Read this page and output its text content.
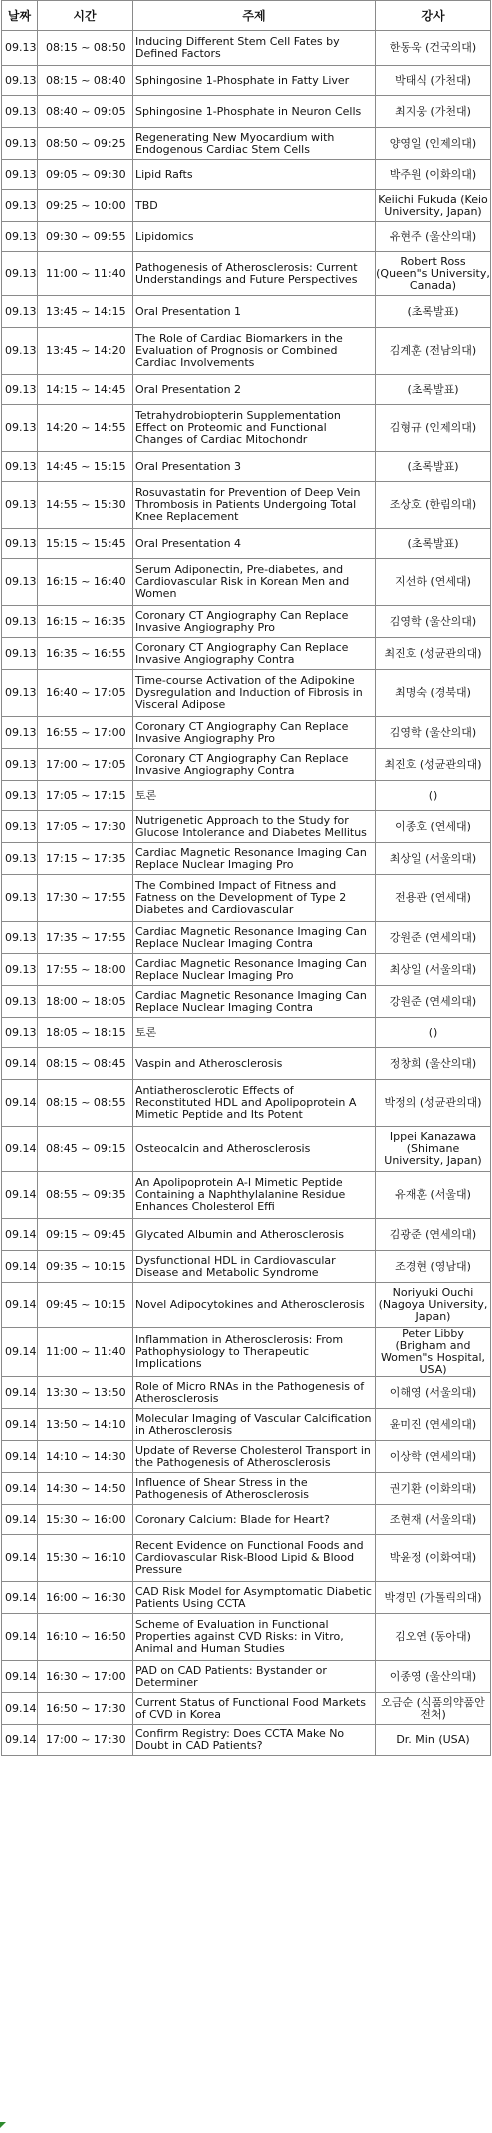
날짜	시간	주제	강사
09.13	08:15 ~ 08:50	Inducing Different Stem Cell Fates by Defined Factors	한동욱 (건국의대)
09.13	08:15 ~ 08:40	Sphingosine 1-Phosphate in Fatty Liver	박태식 (가천대)
09.13	08:40 ~ 09:05	Sphingosine 1-Phosphate in Neuron Cells	최지웅 (가천대)
09.13	08:50 ~ 09:25	Regenerating New Myocardium with Endogenous Cardiac Stem Cells	양영일 (인제의대)
09.13	09:05 ~ 09:30	Lipid Rafts	박주원 (이화의대)
09.13	09:25 ~ 10:00	TBD	Keiichi Fukuda (Keio University, Japan)
09.13	09:30 ~ 09:55	Lipidomics	유현주 (울산의대)
09.13	11:00 ~ 11:40	Pathogenesis of Atherosclerosis: Current Understandings and Future Perspectives	Robert Ross (Queen"s University, Canada)
09.13	13:45 ~ 14:15	Oral Presentation 1	(초록발표)
09.13	13:45 ~ 14:20	The Role of Cardiac Biomarkers in the Evaluation of Prognosis or Combined Cardiac Involvements	김계훈 (전남의대)
09.13	14:15 ~ 14:45	Oral Presentation 2	(초록발표)
09.13	14:20 ~ 14:55	Tetrahydrobiopterin Supplementation Effect on Proteomic and Functional Changes of Cardiac Mitochondr	김형규 (인제의대)
09.13	14:45 ~ 15:15	Oral Presentation 3	(초록발표)
09.13	14:55 ~ 15:30	Rosuvastatin for Prevention of Deep Vein Thrombosis in Patients Undergoing Total Knee Replacement	조상호 (한림의대)
09.13	15:15 ~ 15:45	Oral Presentation 4	(초록발표)
09.13	16:15 ~ 16:40	Serum Adiponectin, Pre-diabetes, and Cardiovascular Risk in Korean Men and Women	지선하 (연세대)
09.13	16:15 ~ 16:35	Coronary CT Angiography Can Replace Invasive Angiography Pro	김영학 (울산의대)
09.13	16:35 ~ 16:55	Coronary CT Angiography Can Replace Invasive Angiography Contra	최진호 (성균관의대)
09.13	16:40 ~ 17:05	Time-course Activation of the Adipokine Dysregulation and Induction of Fibrosis in Visceral Adipose	최명숙 (경북대)
09.13	16:55 ~ 17:00	Coronary CT Angiography Can Replace Invasive Angiography Pro	김영학 (울산의대)
09.13	17:00 ~ 17:05	Coronary CT Angiography Can Replace Invasive Angiography Contra	최진호 (성균관의대)
09.13	17:05 ~ 17:15	토론	()
09.13	17:05 ~ 17:30	Nutrigenetic Approach to the Study for Glucose Intolerance and Diabetes Mellitus	이종호 (연세대)
09.13	17:15 ~ 17:35	Cardiac Magnetic Resonance Imaging Can Replace Nuclear Imaging Pro	최상일 (서울의대)
09.13	17:30 ~ 17:55	The Combined Impact of Fitness and Fatness on the Development of Type 2 Diabetes and Cardiovascular	전용관 (연세대)
09.13	17:35 ~ 17:55	Cardiac Magnetic Resonance Imaging Can Replace Nuclear Imaging Contra	강원준 (연세의대)
09.13	17:55 ~ 18:00	Cardiac Magnetic Resonance Imaging Can Replace Nuclear Imaging Pro	최상일 (서울의대)
09.13	18:00 ~ 18:05	Cardiac Magnetic Resonance Imaging Can Replace Nuclear Imaging Contra	강원준 (연세의대)
09.13	18:05 ~ 18:15	토론	()
09.14	08:15 ~ 08:45	Vaspin and Atherosclerosis	정창희 (울산의대)
09.14	08:15 ~ 08:55	Antiatherosclerotic Effects of Reconstituted HDL and Apolipoprotein A Mimetic Peptide and Its Potent	박정의 (성균관의대)
09.14	08:45 ~ 09:15	Osteocalcin and Atherosclerosis	Ippei Kanazawa (Shimane University, Japan)
09.14	08:55 ~ 09:35	An Apolipoprotein A-I Mimetic Peptide Containing a Naphthylalanine Residue Enhances Cholesterol Effi	유재훈 (서울대)
09.14	09:15 ~ 09:45	Glycated Albumin and Atherosclerosis	김광준 (연세의대)
09.14	09:35 ~ 10:15	Dysfunctional HDL in Cardiovascular Disease and Metabolic Syndrome	조경현 (영남대)
09.14	09:45 ~ 10:15	Novel Adipocytokines and Atherosclerosis	Noriyuki Ouchi (Nagoya University, Japan)
09.14	11:00 ~ 11:40	Inflammation in Atherosclerosis: From Pathophysiology to Therapeutic Implications	Peter Libby (Brigham and Women"s Hospital, USA)
09.14	13:30 ~ 13:50	Role of Micro RNAs in the Pathogenesis of Atherosclerosis	이해영 (서울의대)
09.14	13:50 ~ 14:10	Molecular Imaging of Vascular Calcification in Atherosclerosis	윤미진 (연세의대)
09.14	14:10 ~ 14:30	Update of Reverse Cholesterol Transport in the Pathogenesis of Atherosclerosis	이상학 (연세의대)
09.14	14:30 ~ 14:50	Influence of Shear Stress in the Pathogenesis of Atherosclerosis	권기환 (이화의대)
09.14	15:30 ~ 16:00	Coronary Calcium: Blade for Heart?	조현재 (서울의대)
09.14	15:30 ~ 16:10	Recent Evidence on Functional Foods and Cardiovascular Risk-Blood Lipid & Blood Pressure	박윤정 (이화여대)
09.14	16:00 ~ 16:30	CAD Risk Model for Asymptomatic Diabetic Patients Using CCTA	박경민 (가톨릭의대)
09.14	16:10 ~ 16:50	Scheme of Evaluation in Functional Properties against CVD Risks: in Vitro, Animal and Human Studies	김오연 (동아대)
09.14	16:30 ~ 17:00	PAD on CAD Patients: Bystander or Determiner	이종영 (울산의대)
09.14	16:50 ~ 17:30	Current Status of Functional Food Markets of CVD in Korea	오금순 (식품의약품안전처)
09.14	17:00 ~ 17:30	Confirm Registry: Does CCTA Make No Doubt in CAD Patients?	Dr. Min (USA)
